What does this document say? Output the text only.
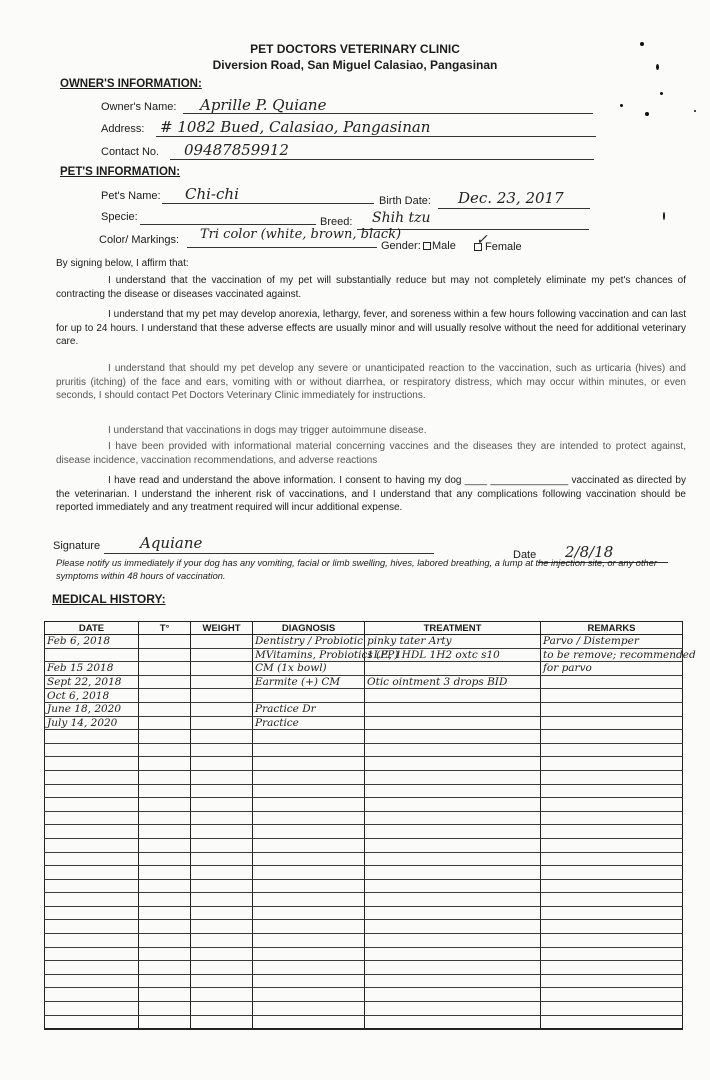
PET DOCTORS VETERINARY CLINIC
Diversion Road, San Miguel Calasiao, Pangasinan
OWNER'S INFORMATION:
Owner's Name: Aprille P. Quiane
Address: # 1082 Bued, Calasiao, Pangasinan
Contact No. 09487859912
PET'S INFORMATION:
Pet's Name: Chi-chi	Birth Date: Dec. 23, 2017
Specie:	Breed: Shih tzu
Color/ Markings: Tri color (white, brown, black)
Gender: Male ✓
Female
By signing below, I affirm that:

I understand that the vaccination of my pet will substantially reduce but may not completely eliminate my pet's chances of contracting the disease or diseases vaccinated against.

I understand that my pet may develop anorexia, lethargy, fever, and soreness within a few hours following vaccination and can last for up to 24 hours. I understand that these adverse effects are usually minor and will usually resolve without the need for additional veterinary care.

I understand that should my pet develop any severe or unanticipated reaction to the vaccination, such as urticaria (hives) and pruritis (itching) of the face and ears, vomiting with or without diarrhea, or respiratory distress, which may occur within minutes, or even seconds, I should contact Pet Doctors Veterinary Clinic immediately for instructions.

I understand that vaccinations in dogs may trigger autoimmune disease.

I have been provided with informational material concerning vaccines and the diseases they are intended to protect against, disease incidence, vaccination recommendations, and adverse reactions

I have read and understand the above information. I consent to having my dog ____ ______________ vaccinated as directed by the veterinarian. I understand the inherent risk of vaccinations, and I understand that any complications following vaccination should be reported immediately and any treatment required will incur additional expense.

Signature	Aquiane
Date 2/8/18

Please notify us immediately if your dog has any vomiting, facial or limb swelling, hives, labored breathing, a lump at the injection site, or any other symptoms within 48 hours of vaccination.

MEDICAL HISTORY:
DATE	T°	WEIGHT	DIAGNOSIS	TREATMENT	REMARKS
Feb 6, 2018			Dentistry / Probiotic	pinky tater Arty	Parvo / Distemper
			MVitamins, Probiotics (PP)	1LE, 1HDL 1H2 oxtc s10	to be remove; recommended
Feb 15 2018			CM (1x bowl)		for parvo
Sept 22, 2018			Earmite (+) CM	Otic ointment 3 drops BID	
Oct 6, 2018					
June 18, 2020			Practice Dr		
July 14, 2020			Practice		
